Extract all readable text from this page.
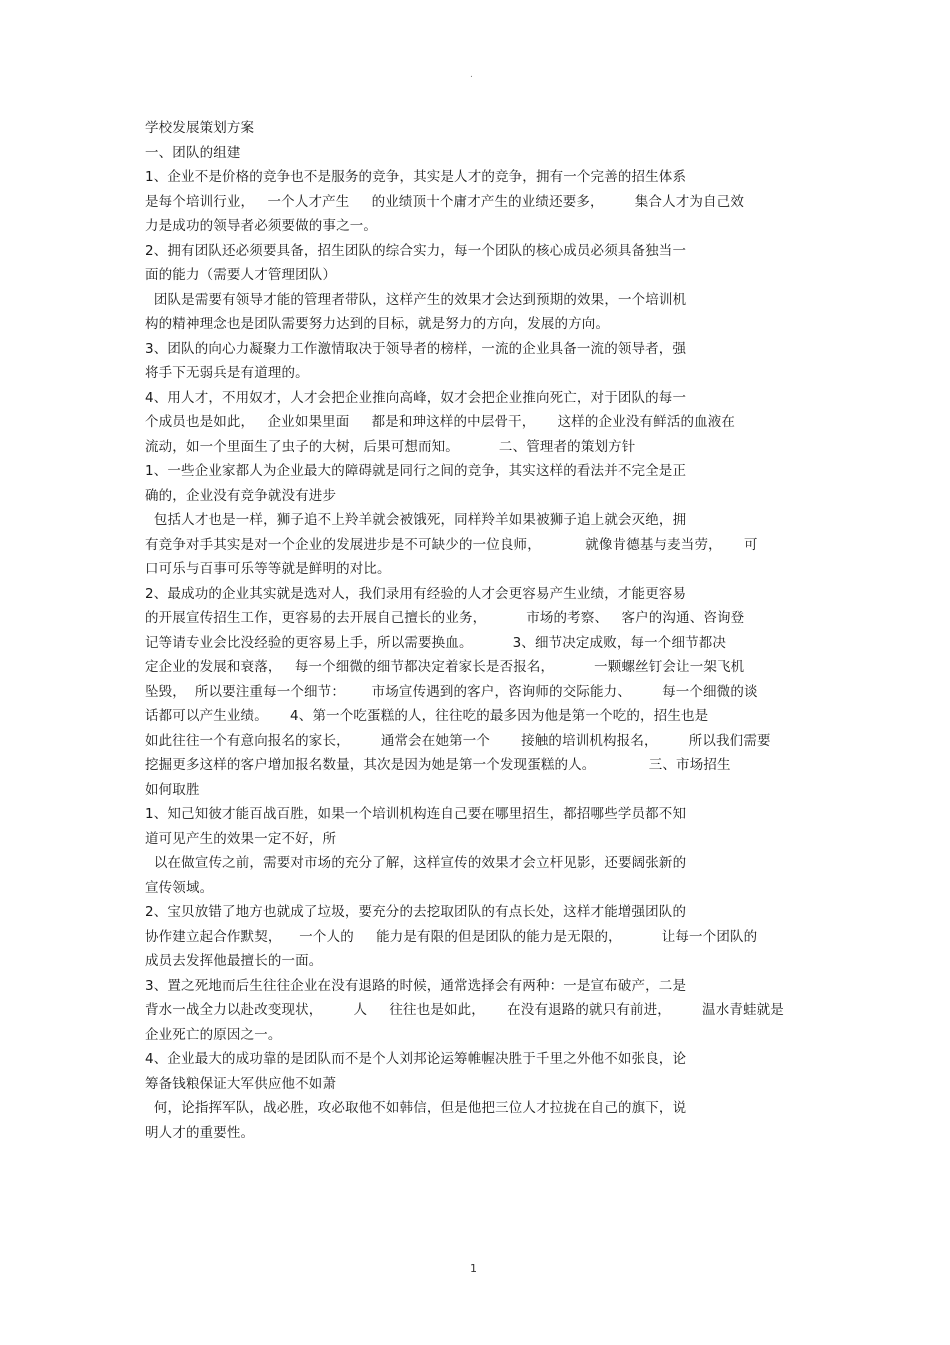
.
学校发展策划方案
一、团队的组建
1、企业不是价格的竞争也不是服务的竞争，其实是人才的竞争，拥有一个完善的招生体系
是每个培训行业，   一个人才产生     的业绩顶十个庸才产生的业绩还要多，       集合人才为自己效
力是成功的领导者必须要做的事之一。
2、拥有团队还必须要具备，招生团队的综合实力，每一个团队的核心成员必须具备独当一
面的能力（需要人才管理团队）
团队是需要有领导才能的管理者带队，这样产生的效果才会达到预期的效果，一个培训机
构的精神理念也是团队需要努力达到的目标，就是努力的方向，发展的方向。
3、团队的向心力凝聚力工作激情取决于领导者的榜样，一流的企业具备一流的领导者，强
将手下无弱兵是有道理的。
4、用人才，不用奴才，人才会把企业推向高峰，奴才会把企业推向死亡，对于团队的每一
个成员也是如此，   企业如果里面     都是和珅这样的中层骨干，     这样的企业没有鲜活的血液在
流动，如一个里面生了虫子的大树，后果可想而知。         二、管理者的策划方针
1、一些企业家都人为企业最大的障碍就是同行之间的竞争，其实这样的看法并不完全是正
确的，企业没有竞争就没有进步
包括人才也是一样，狮子追不上羚羊就会被饿死，同样羚羊如果被狮子追上就会灭绝，拥
有竞争对手其实是对一个企业的发展进步是不可缺少的一位良师，          就像肯德基与麦当劳，     可
口可乐与百事可乐等等就是鲜明的对比。
2、最成功的企业其实就是选对人，我们录用有经验的人才会更容易产生业绩，才能更容易
的开展宣传招生工作，更容易的去开展自己擅长的业务，         市场的考察、   客户的沟通、咨询登
记等请专业会比没经验的更容易上手，所以需要换血。         3、细节决定成败，每一个细节都决
定企业的发展和衰落，   每一个细微的细节都决定着家长是否报名，         一颗螺丝钉会让一架飞机
坠毁，  所以要注重每一个细节：      市场宣传遇到的客户，咨询师的交际能力、       每一个细微的谈
话都可以产生业绩。     4、第一个吃蛋糕的人，往往吃的最多因为他是第一个吃的，招生也是
如此往往一个有意向报名的家长，       通常会在她第一个       接触的培训机构报名，       所以我们需要
挖掘更多这样的客户增加报名数量，其次是因为她是第一个发现蛋糕的人。            三、市场招生
如何取胜
1、知己知彼才能百战百胜，如果一个培训机构连自己要在哪里招生，都招哪些学员都不知
道可见产生的效果一定不好，所
以在做宣传之前，需要对市场的充分了解，这样宣传的效果才会立杆见影，还要阔张新的
宣传领域。
2、宝贝放错了地方也就成了垃圾，要充分的去挖取团队的有点长处，这样才能增强团队的
协作建立起合作默契，    一个人的     能力是有限的但是团队的能力是无限的，         让每一个团队的
成员去发挥他最擅长的一面。
3、置之死地而后生往往企业在没有退路的时候，通常选择会有两种：一是宣布破产，二是
背水一战全力以赴改变现状，       人     往往也是如此，     在没有退路的就只有前进，       温水青蛙就是
企业死亡的原因之一。
4、企业最大的成功靠的是团队而不是个人刘邦论运筹帷幄决胜于千里之外他不如张良，论
筹备钱粮保证大军供应他不如萧
何，论指挥军队，战必胜，攻必取他不如韩信，但是他把三位人才拉拢在自己的旗下，说
明人才的重要性。
1
